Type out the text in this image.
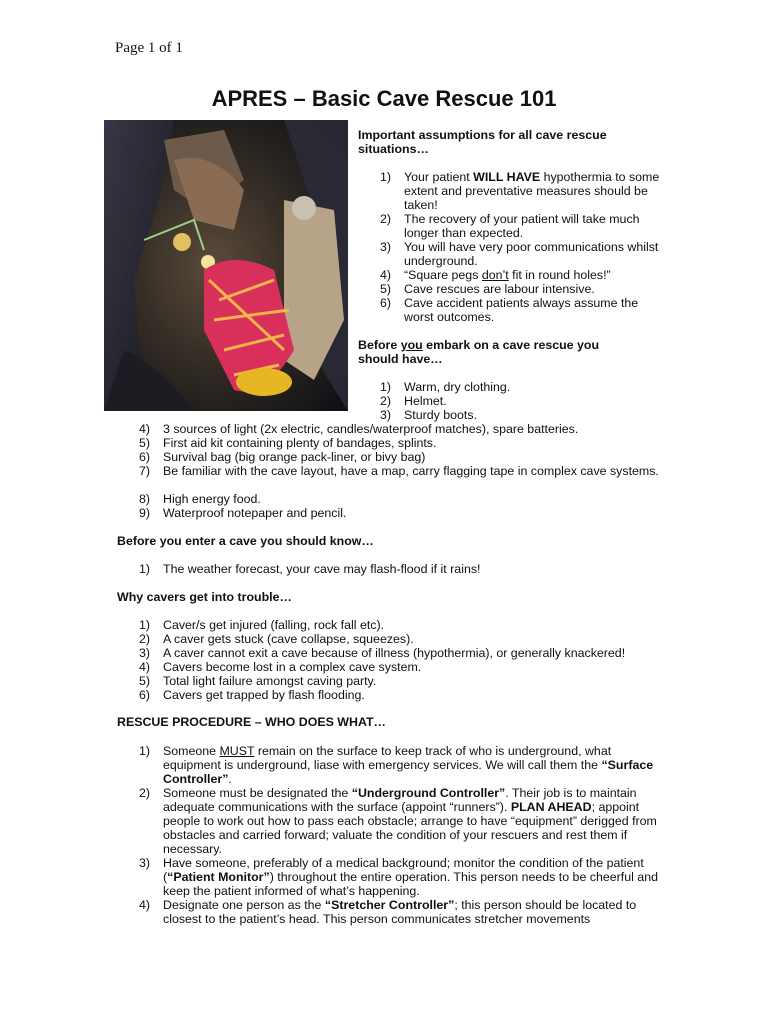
Page 1 of 1
APRES – Basic Cave Rescue 101
Important assumptions for all cave rescue situations…
1) Your patient WILL HAVE hypothermia to some extent and preventative measures should be taken!
2) The recovery of your patient will take much longer than expected.
3) You will have very poor communications whilst underground.
4) “Square pegs don’t fit in round holes!”
5) Cave rescues are labour intensive.
6) Cave accident patients always assume the worst outcomes.
Before you embark on a cave rescue you should have…
1) Warm, dry clothing.
2) Helmet.
3) Sturdy boots.
4) 3 sources of light (2x electric, candles/waterproof matches), spare batteries.
5) First aid kit containing plenty of bandages, splints.
6) Survival bag (big orange pack-liner, or bivy bag)
7) Be familiar with the cave layout, have a map, carry flagging tape in complex cave systems.
8) High energy food.
9) Waterproof notepaper and pencil.
Before you enter a cave you should know…
1) The weather forecast, your cave may flash-flood if it rains!
Why cavers get into trouble…
1) Caver/s get injured (falling, rock fall etc).
2) A caver gets stuck (cave collapse, squeezes).
3) A caver cannot exit a cave because of illness (hypothermia), or generally knackered!
4) Cavers become lost in a complex cave system.
5) Total light failure amongst caving party.
6) Cavers get trapped by flash flooding.
RESCUE PROCEDURE – WHO DOES WHAT…
1) Someone MUST remain on the surface to keep track of who is underground, what equipment is underground, liase with emergency services. We will call them the “Surface Controller”.
2) Someone must be designated the “Underground Controller”. Their job is to maintain adequate communications with the surface (appoint “runners”). PLAN AHEAD; appoint people to work out how to pass each obstacle; arrange to have “equipment” derigged from obstacles and carried forward; valuate the condition of your rescuers and rest them if necessary.
3) Have someone, preferably of a medical background; monitor the condition of the patient (“Patient Monitor”) throughout the entire operation. This person needs to be cheerful and keep the patient informed of what’s happening.
4) Designate one person as the “Stretcher Controller”; this person should be located to closest to the patient’s head. This person communicates stretcher movements
